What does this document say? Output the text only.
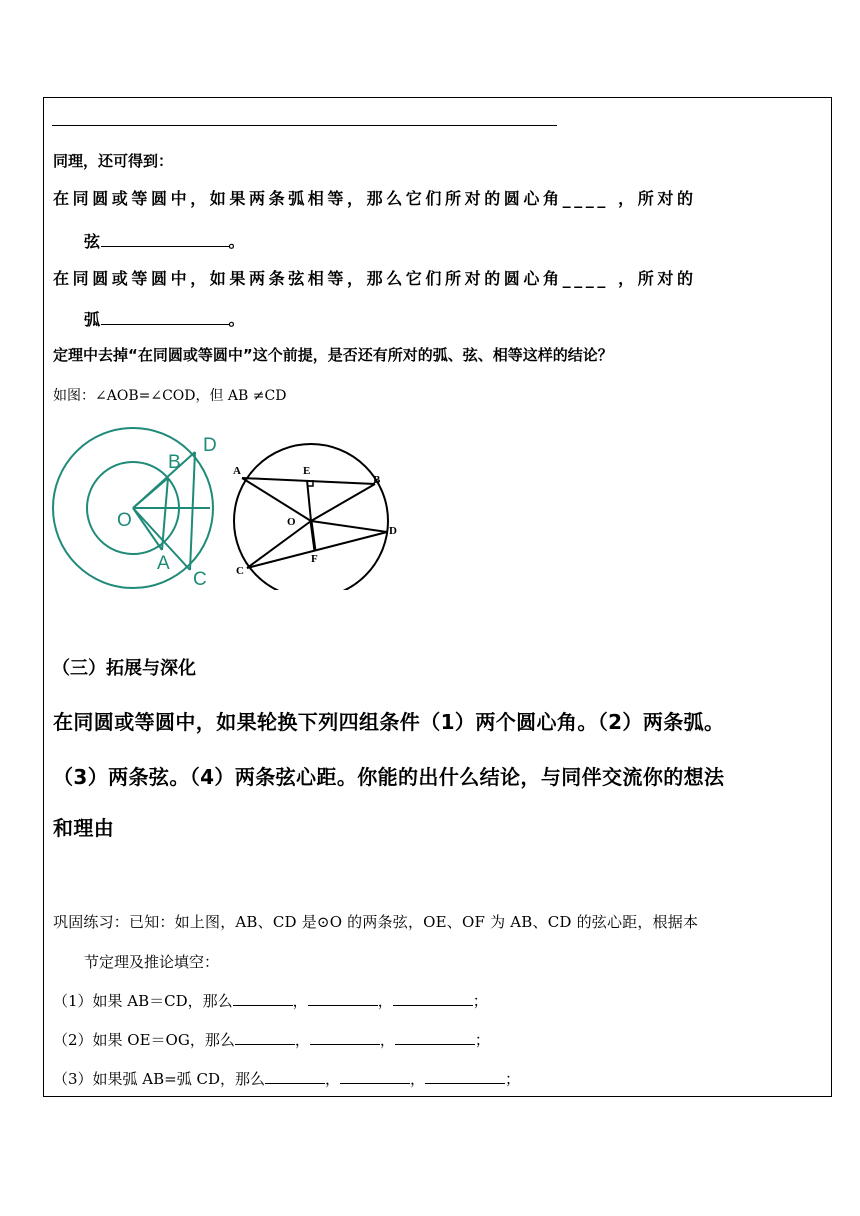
同理，还可得到：
在同圆或等圆中，如果两条弧相等，那么它们所对的圆心角____ ，所对的
弦	。
在同圆或等圆中，如果两条弦相等，那么它们所对的圆心角____ ，所对的
弧	。
定理中去掉“在同圆或等圆中”这个前提，是否还有所对的弧、弦、相等这样的结论？
如图：∠AOB=∠COD，但 AB ≠CD
D
B
O
A
C
A	E
B
O
D
F
C
（三）拓展与深化
在同圆或等圆中，如果轮换下列四组条件（1）两个圆心角。（2）两条弧。
（3）两条弦。（4）两条弦心距。你能的出什么结论，与同伴交流你的想法
和理由
巩固练习：已知：如上图，AB、CD 是⊙O 的两条弦，OE、OF 为 AB、CD 的弦心距，根据本
节定理及推论填空：
（1）如果 AB＝CD，那么	，	，	；
（2）如果 OE＝OG，那么	，	，	；
（3）如果弧 AB=弧 CD，那么	，	，	；
